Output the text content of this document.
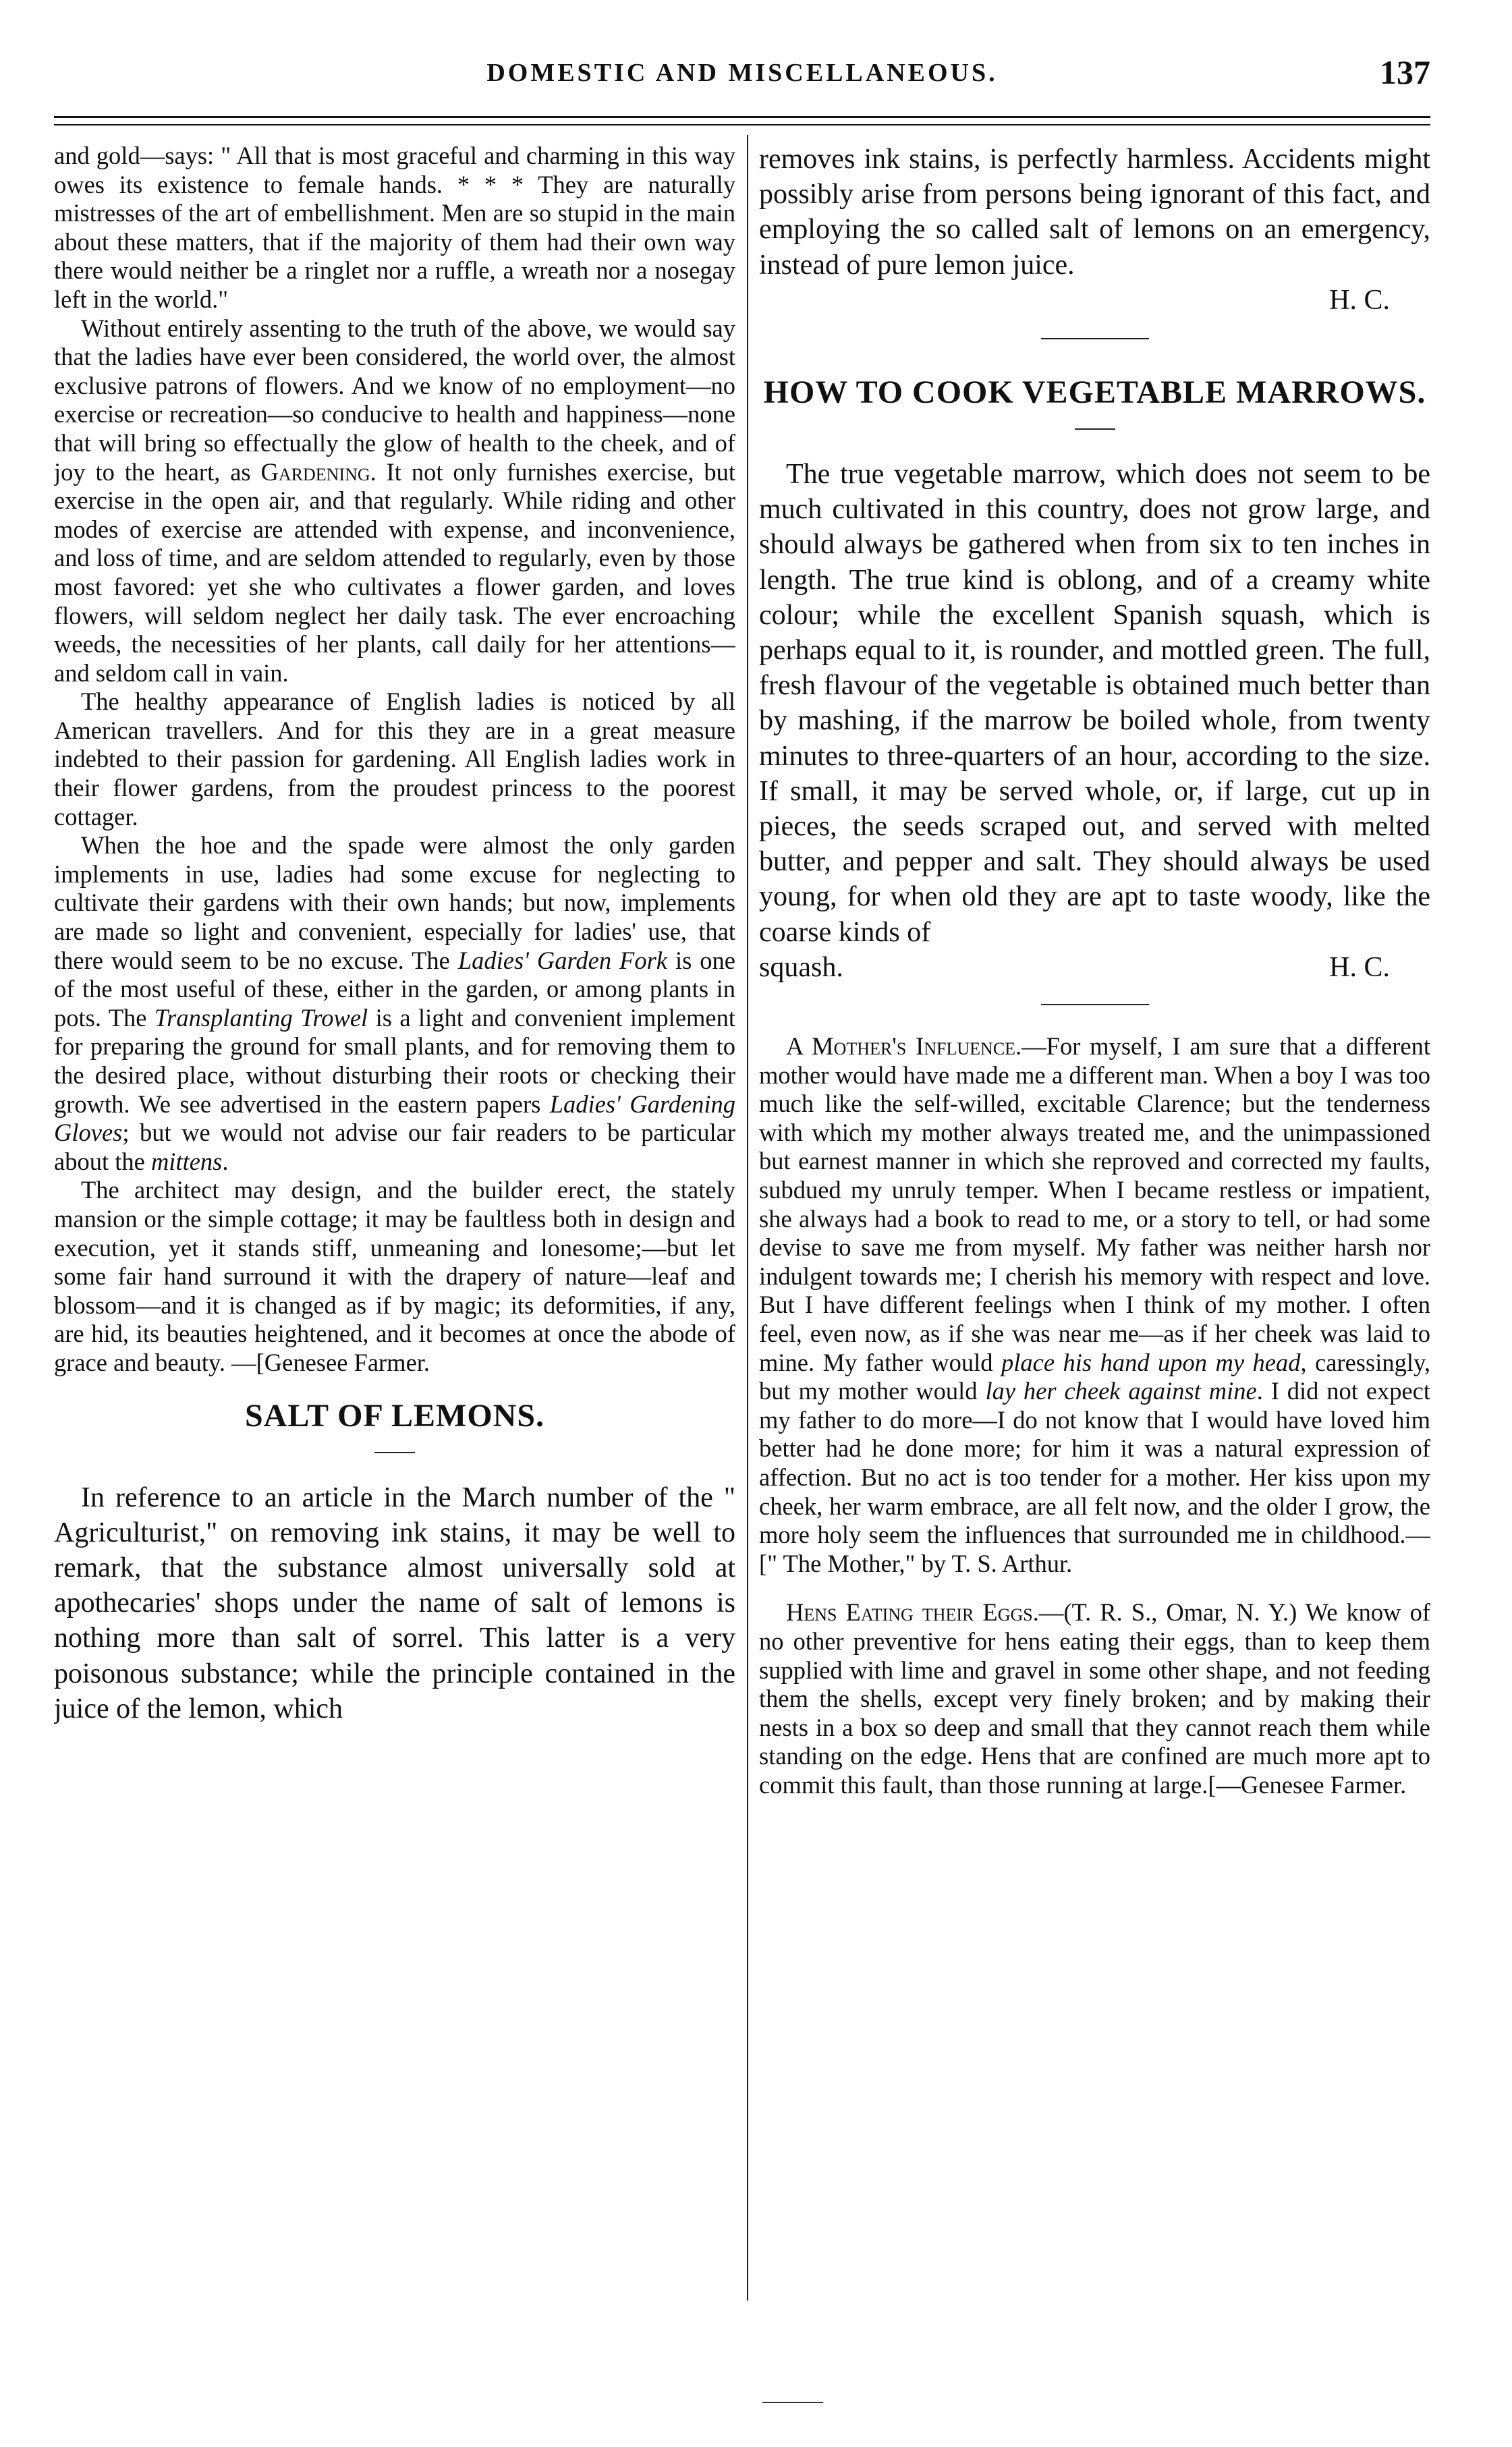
DOMESTIC AND MISCELLANEOUS.	137

and gold—says: " All that is most graceful and charming in this way owes its existence to female hands. * * * They are naturally mistresses of the art of embellishment. Men are so stupid in the main about these matters, that if the majority of them had their own way there would neither be a ringlet nor a ruffle, a wreath nor a nosegay left in the world."

Without entirely assenting to the truth of the above, we would say that the ladies have ever been considered, the world over, the almost exclusive patrons of flowers. And we know of no employment—no exercise or recreation—so conducive to health and happiness—none that will bring so effectually the glow of health to the cheek, and of joy to the heart, as Gardening. It not only furnishes exercise, but exercise in the open air, and that regularly. While riding and other modes of exercise are attended with expense, and inconvenience, and loss of time, and are seldom attended to regularly, even by those most favored: yet she who cultivates a flower garden, and loves flowers, will seldom neglect her daily task. The ever encroaching weeds, the necessities of her plants, call daily for her attentions—and seldom call in vain.

The healthy appearance of English ladies is noticed by all American travellers. And for this they are in a great measure indebted to their passion for gardening. All English ladies work in their flower gardens, from the proudest princess to the poorest cottager.

When the hoe and the spade were almost the only garden implements in use, ladies had some excuse for neglecting to cultivate their gardens with their own hands; but now, implements are made so light and convenient, especially for ladies' use, that there would seem to be no excuse. The Ladies' Garden Fork is one of the most useful of these, either in the garden, or among plants in pots. The Transplanting Trowel is a light and convenient implement for preparing the ground for small plants, and for removing them to the desired place, without disturbing their roots or checking their growth. We see advertised in the eastern papers Ladies' Gardening Gloves; but we would not advise our fair readers to be particular about the mittens.

The architect may design, and the builder erect, the stately mansion or the simple cottage; it may be faultless both in design and execution, yet it stands stiff, unmeaning and lonesome;—but let some fair hand surround it with the drapery of nature—leaf and blossom—and it is changed as if by magic; its deformities, if any, are hid, its beauties heightened, and it becomes at once the abode of grace and beauty. —[Genesee Farmer.

SALT OF LEMONS.

In reference to an article in the March number of the " Agriculturist," on removing ink stains, it may be well to remark, that the substance almost universally sold at apothecaries' shops under the name of salt of lemons is nothing more than salt of sorrel. This latter is a very poisonous substance; while the principle contained in the juice of the lemon, which

removes ink stains, is perfectly harmless. Accidents might possibly arise from persons being ignorant of this fact, and employing the so called salt of lemons on an emergency, instead of pure lemon juice.

H. C.
HOW TO COOK VEGETABLE MARROWS.

The true vegetable marrow, which does not seem to be much cultivated in this country, does not grow large, and should always be gathered when from six to ten inches in length. The true kind is oblong, and of a creamy white colour; while the excellent Spanish squash, which is perhaps equal to it, is rounder, and mottled green. The full, fresh flavour of the vegetable is obtained much better than by mashing, if the marrow be boiled whole, from twenty minutes to three-quarters of an hour, according to the size. If small, it may be served whole, or, if large, cut up in pieces, the seeds scraped out, and served with melted butter, and pepper and salt. They should always be used young, for when old they are apt to taste woody, like the coarse kinds of

squash.	H. C.

A Mother's Influence.—For myself, I am sure that a different mother would have made me a different man. When a boy I was too much like the self-willed, excitable Clarence; but the tenderness with which my mother always treated me, and the unimpassioned but earnest manner in which she reproved and corrected my faults, subdued my unruly temper. When I became restless or impatient, she always had a book to read to me, or a story to tell, or had some devise to save me from myself. My father was neither harsh nor indulgent towards me; I cherish his memory with respect and love. But I have different feelings when I think of my mother. I often feel, even now, as if she was near me—as if her cheek was laid to mine. My father would place his hand upon my head, caressingly, but my mother would lay her cheek against mine. I did not expect my father to do more—I do not know that I would have loved him better had he done more; for him it was a natural expression of affection. But no act is too tender for a mother. Her kiss upon my cheek, her warm embrace, are all felt now, and the older I grow, the more holy seem the influences that surrounded me in childhood.—[" The Mother," by T. S. Arthur.

Hens Eating their Eggs.—(T. R. S., Omar, N. Y.) We know of no other preventive for hens eating their eggs, than to keep them supplied with lime and gravel in some other shape, and not feeding them the shells, except very finely broken; and by making their nests in a box so deep and small that they cannot reach them while standing on the edge. Hens that are confined are much more apt to commit this fault, than those running at large.[—Genesee Farmer.
